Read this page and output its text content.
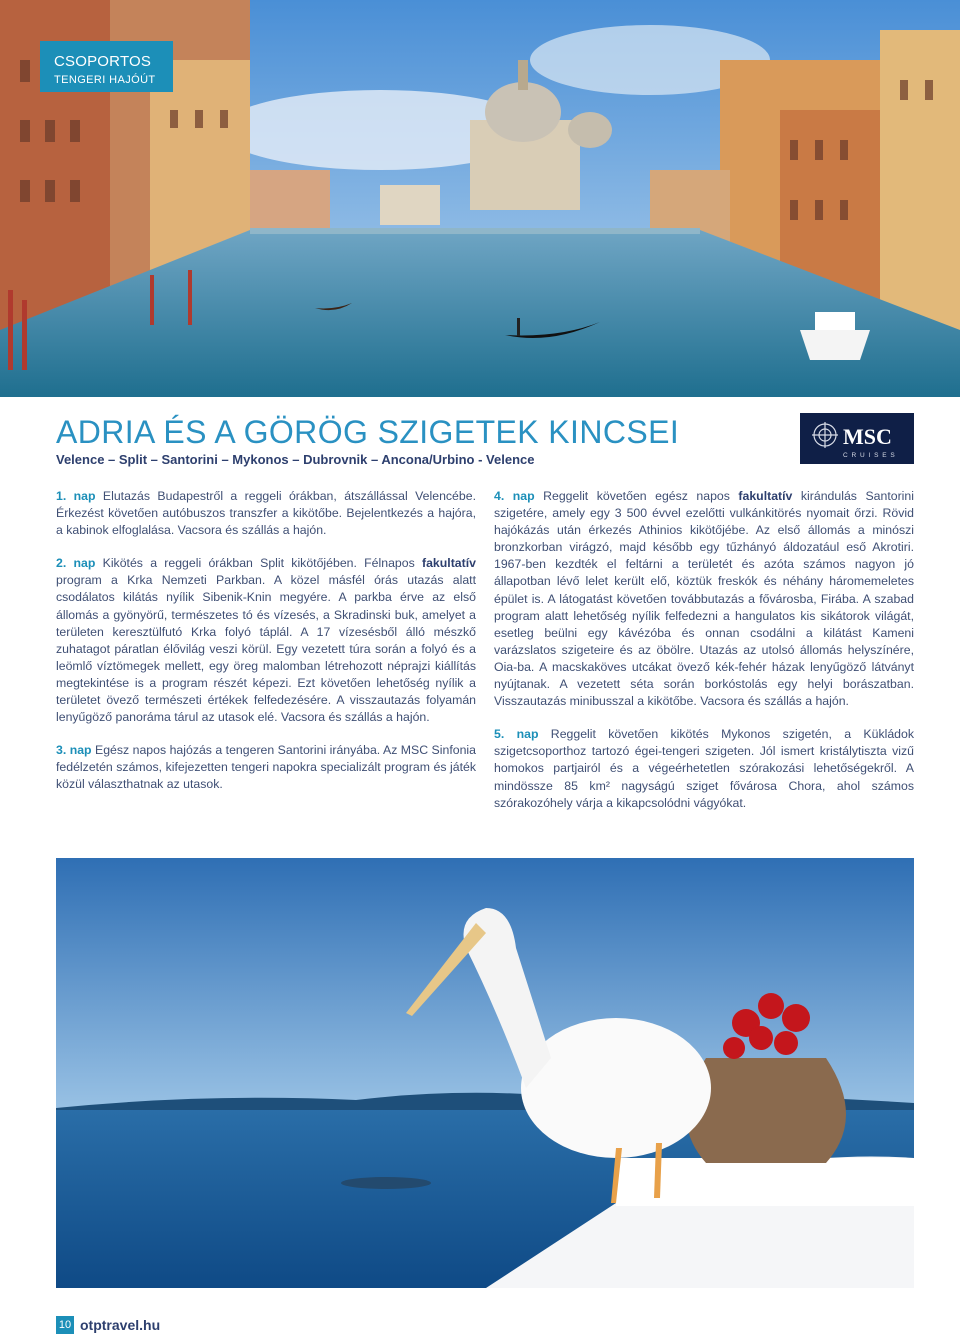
CSOPORTOS
TENGERI HAJÓÚT
ADRIA ÉS A GÖRÖG SZIGETEK KINCSEI
Velence – Split – Santorini – Mykonos – Dubrovnik – Ancona/Urbino - Velence
MSC
C R U I S E S

1. nap Elutazás Budapestről a reggeli órákban, átszállással Velencébe. Érkezést követően autóbuszos transzfer a kikötőbe. Bejelentkezés a hajóra, a kabinok elfoglalása. Vacsora és szállás a hajón.

2. nap Kikötés a reggeli órákban Split kikötőjében. Félnapos fakultatív program a Krka Nemzeti Parkban. A közel másfél órás utazás alatt csodálatos kilátás nyílik Sibenik-Knin megyére. A parkba érve az első állomás a gyönyörű, természetes tó és vízesés, a Skradinski buk, amelyet a területen keresztülfutó Krka folyó táplál. A 17 vízesésből álló mészkő zuhatagot páratlan élővilág veszi körül. Egy vezetett túra során a folyó és a leömlő víztömegek mellett, egy öreg malomban létrehozott néprajzi kiállítás megtekintése is a program részét képezi. Ezt követően lehetőség nyílik a területet övező természeti értékek felfedezésére. A visszautazás folyamán lenyűgöző panoráma tárul az utasok elé. Vacsora és szállás a hajón.

3. nap Egész napos hajózás a tengeren Santorini irányába. Az MSC Sinfonia fedélzetén számos, kifejezetten tengeri napokra specializált program és játék közül választhatnak az utasok.

4. nap Reggelit követően egész napos fakultatív kirándulás Santorini szigetére, amely egy 3 500 évvel ezelőtti vulkánkitörés nyomait őrzi. Rövid hajókázás után érkezés Athinios kikötőjébe. Az első állomás a minószi bronzkorban virágzó, majd később egy tűzhányó áldozatául eső Akrotiri. 1967-ben kezdték el feltárni a területét és azóta számos nagyon jó állapotban lévő lelet került elő, köztük freskók és néhány háromemeletes épület is. A látogatást követően továbbutazás a fővárosba, Firába. A szabad program alatt lehetőség nyílik felfedezni a hangulatos kis sikátorok világát, esetleg beülni egy kávézóba és onnan csodálni a kilátást Kameni varázslatos szigeteire és az öbölre. Utazás az utolsó állomás helyszínére, Oia-ba. A macskaköves utcákat övező kék-fehér házak lenyűgöző látványt nyújtanak. A vezetett séta során borkóstolás egy helyi borászatban. Visszautazás minibusszal a kikötőbe. Vacsora és szállás a hajón.

5. nap Reggelit követően kikötés Mykonos szigetén, a Kükládok szigetcsoporthoz tartozó égei-tengeri szigeten. Jól ismert kristálytiszta vizű homokos partjairól és a végeérhetetlen szórakozási lehetőségekről. A mindössze 85 km² nagyságú sziget fővárosa Chora, ahol számos szórakozóhely várja a kikapcsolódni vágyókat.

10 otptravel.hu
